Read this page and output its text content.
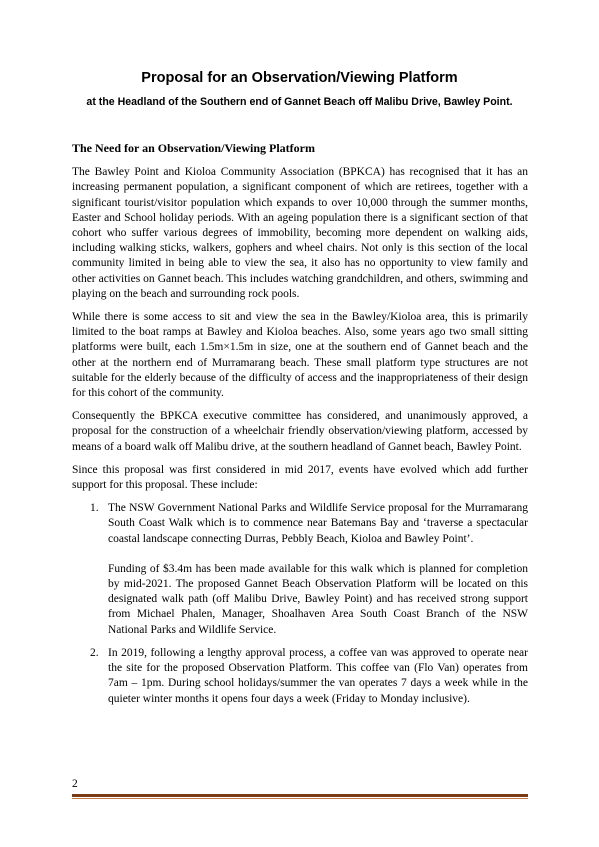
Proposal for an Observation/Viewing Platform
at the Headland of the Southern end of Gannet Beach off Malibu Drive, Bawley Point.
The Need for an Observation/Viewing Platform

The Bawley Point and Kioloa Community Association (BPKCA) has recognised that it has an increasing permanent population, a significant component of which are retirees, together with a significant tourist/visitor population which expands to over 10,000 through the summer months, Easter and School holiday periods. With an ageing population there is a significant section of that cohort who suffer various degrees of immobility, becoming more dependent on walking aids, including walking sticks, walkers, gophers and wheel chairs. Not only is this section of the local community limited in being able to view the sea, it also has no opportunity to view family and other activities on Gannet beach. This includes watching grandchildren, and others, swimming and playing on the beach and surrounding rock pools.

While there is some access to sit and view the sea in the Bawley/Kioloa area, this is primarily limited to the boat ramps at Bawley and Kioloa beaches. Also, some years ago two small sitting platforms were built, each 1.5m×1.5m in size, one at the southern end of Gannet beach and the other at the northern end of Murramarang beach. These small platform type structures are not suitable for the elderly because of the difficulty of access and the inappropriateness of their design for this cohort of the community.

Consequently the BPKCA executive committee has considered, and unanimously approved, a proposal for the construction of a wheelchair friendly observation/viewing platform, accessed by means of a board walk off Malibu drive, at the southern headland of Gannet beach, Bawley Point.

Since this proposal was first considered in mid 2017, events have evolved which add further support for this proposal. These include:

1. The NSW Government National Parks and Wildlife Service proposal for the Murramarang South Coast Walk which is to commence near Batemans Bay and ‘traverse a spectacular coastal landscape connecting Durras, Pebbly Beach, Kioloa and Bawley Point’.
Funding of $3.4m has been made available for this walk which is planned for completion by mid-2021. The proposed Gannet Beach Observation Platform will be located on this designated walk path (off Malibu Drive, Bawley Point) and has received strong support from Michael Phalen, Manager, Shoalhaven Area South Coast Branch of the NSW National Parks and Wildlife Service.
2. In 2019, following a lengthy approval process, a coffee van was approved to operate near the site for the proposed Observation Platform. This coffee van (Flo Van) operates from 7am – 1pm. During school holidays/summer the van operates 7 days a week while in the quieter winter months it opens four days a week (Friday to Monday inclusive).
2
